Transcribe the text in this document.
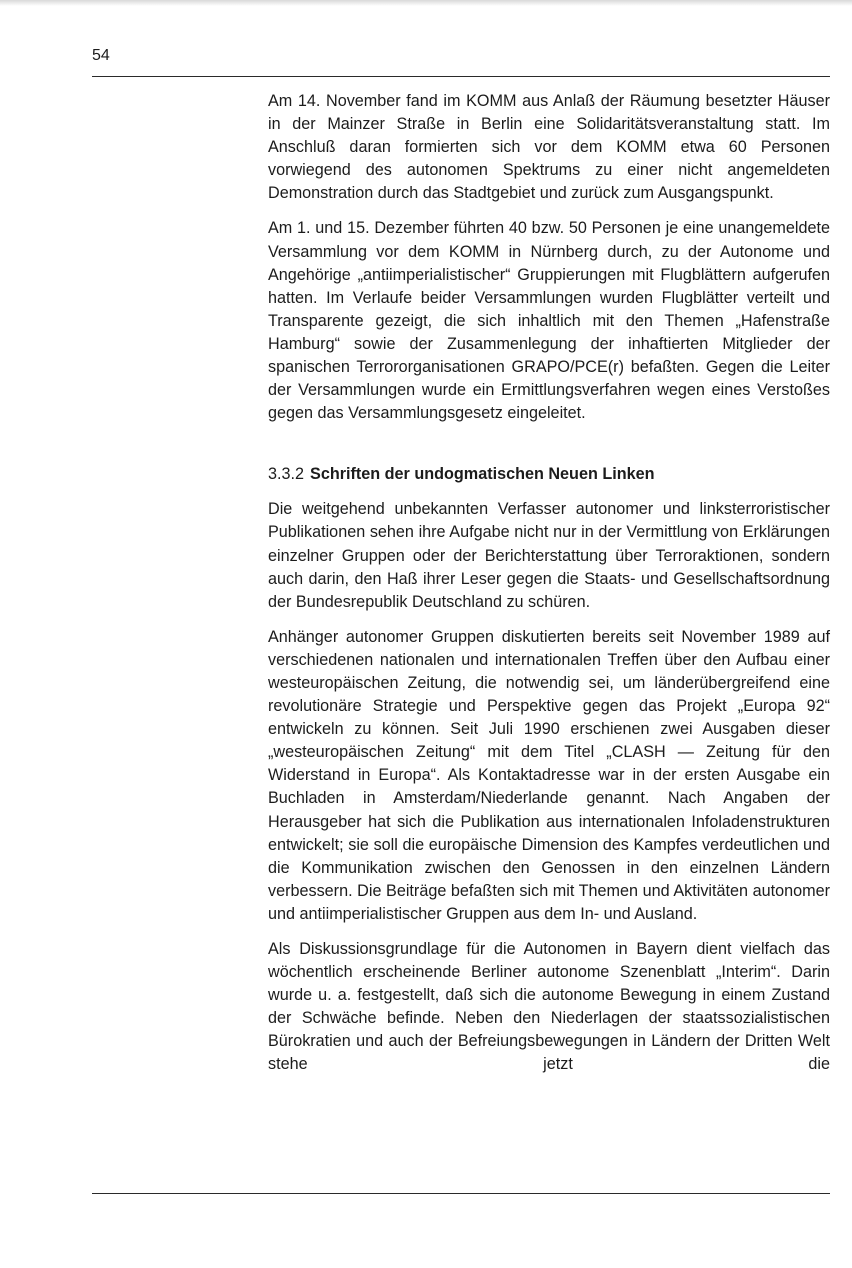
54

Am 14. November fand im KOMM aus Anlaß der Räumung besetzter Häuser in der Mainzer Straße in Berlin eine Solidaritätsveranstaltung statt. Im Anschluß daran formierten sich vor dem KOMM etwa 60 Personen vorwiegend des autonomen Spektrums zu einer nicht angemeldeten Demonstration durch das Stadtgebiet und zurück zum Ausgangspunkt.

Am 1. und 15. Dezember führten 40 bzw. 50 Personen je eine unangemeldete Versammlung vor dem KOMM in Nürnberg durch, zu der Autonome und Angehörige „antiimperialistischer“ Gruppierungen mit Flugblättern aufgerufen hatten. Im Verlaufe beider Versammlungen wurden Flugblätter verteilt und Transparente gezeigt, die sich inhaltlich mit den Themen „Hafenstraße Hamburg“ sowie der Zusammenlegung der inhaftierten Mitglieder der spanischen Terrororganisationen GRAPO/PCE(r) befaßten. Gegen die Leiter der Versammlungen wurde ein Ermittlungsverfahren wegen eines Verstoßes gegen das Versammlungsgesetz eingeleitet.

3.3.2 Schriften der undogmatischen Neuen Linken

Die weitgehend unbekannten Verfasser autonomer und linksterroristischer Publikationen sehen ihre Aufgabe nicht nur in der Vermittlung von Erklärungen einzelner Gruppen oder der Berichterstattung über Terroraktionen, sondern auch darin, den Haß ihrer Leser gegen die Staats- und Gesellschaftsordnung der Bundesrepublik Deutschland zu schüren.

Anhänger autonomer Gruppen diskutierten bereits seit November 1989 auf verschiedenen nationalen und internationalen Treffen über den Aufbau einer westeuropäischen Zeitung, die notwendig sei, um länderübergreifend eine revolutionäre Strategie und Perspektive gegen das Projekt „Europa 92“ entwickeln zu können. Seit Juli 1990 erschienen zwei Ausgaben dieser „westeuropäischen Zeitung“ mit dem Titel „CLASH — Zeitung für den Widerstand in Europa“. Als Kontaktadresse war in der ersten Ausgabe ein Buchladen in Amsterdam/Niederlande genannt. Nach Angaben der Herausgeber hat sich die Publikation aus internationalen Infoladenstrukturen entwickelt; sie soll die europäische Dimension des Kampfes verdeutlichen und die Kommunikation zwischen den Genossen in den einzelnen Ländern verbessern. Die Beiträge befaßten sich mit Themen und Aktivitäten autonomer und antiimperialistischer Gruppen aus dem In- und Ausland.

Als Diskussionsgrundlage für die Autonomen in Bayern dient vielfach das wöchentlich erscheinende Berliner autonome Szenenblatt „Interim“. Darin wurde u. a. festgestellt, daß sich die autonome Bewegung in einem Zustand der Schwäche befinde. Neben den Niederlagen der staatssozialistischen Bürokratien und auch der Befreiungsbewegungen in Ländern der Dritten Welt stehe jetzt die
